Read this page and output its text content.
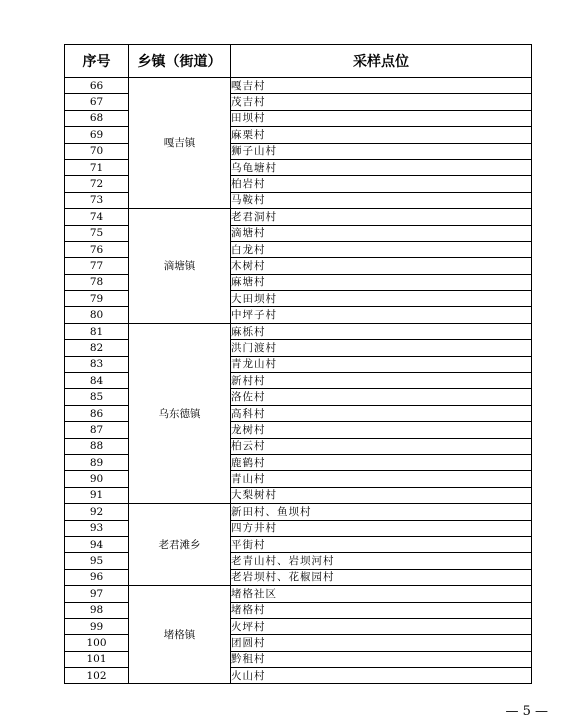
序号	乡镇（街道）	采样点位
66	嘎吉镇	嘎吉村
67		茂吉村
68		田坝村
69		麻栗村
70		狮子山村
71		乌龟塘村
72		柏岩村
73		马鞍村
74	滴塘镇	老君洞村
75		滴塘村
76		白龙村
77		木树村
78		麻塘村
79		大田坝村
80		中坪子村
81	乌东德镇	麻栎村
82		洪门渡村
83		青龙山村
84		新村村
85		洛佐村
86		高科村
87		龙树村
88		柏云村
89		鹿鹤村
90		青山村
91		大梨树村
92	老君滩乡	新田村、鱼坝村
93		四方井村
94		平街村
95		老青山村、岩坝河村
96		老岩坝村、花椒园村
97	堵格镇	堵格社区
98		堵格村
99		火坪村
100		团圆村
101		黔租村
102		火山村
— 5 —
